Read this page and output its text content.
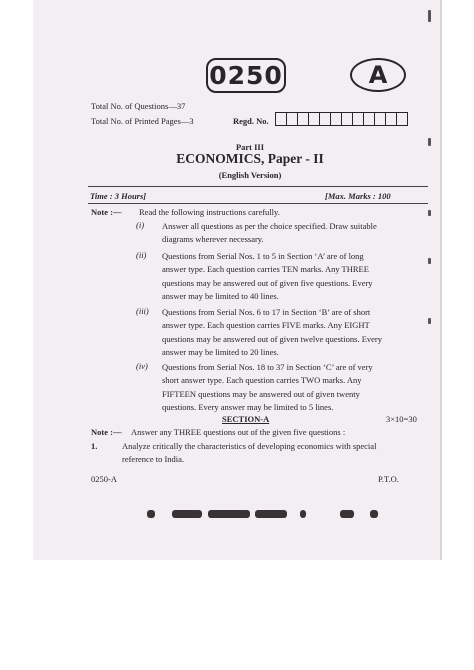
0250	A
Total No. of Questions—37
Total No. of Printed Pages—3	Regd. No.
Part III
ECONOMICS, Paper - II
(English Version)
Time : 3 Hours]	[Max. Marks : 100
Note :— Read the following instructions carefully.
(i) Answer all questions as per the choice specified. Draw suitable
diagrams wherever necessary.
(ii) Questions from Serial Nos. 1 to 5 in Section ‘A’ are of long
answer type. Each question carries TEN marks. Any THREE
questions may be answered out of given five questions. Every
answer may be limited to 40 lines.
(iii) Questions from Serial Nos. 6 to 17 in Section ‘B’ are of short
answer type. Each question carries FIVE marks. Any EIGHT
questions may be answered out of given twelve questions. Every
answer may be limited to 20 lines.
(iv) Questions from Serial Nos. 18 to 37 in Section ‘C’ are of very
short answer type. Each question carries TWO marks. Any
FIFTEEN questions may be answered out of given twenty
questions. Every answer may be limited to 5 lines.
SECTION-A	3×10=30
Note :— Answer any THREE questions out of the given five questions :
1.	Analyze critically the characteristics of developing economics with special
reference to India.
0250-A	P.T.O.
